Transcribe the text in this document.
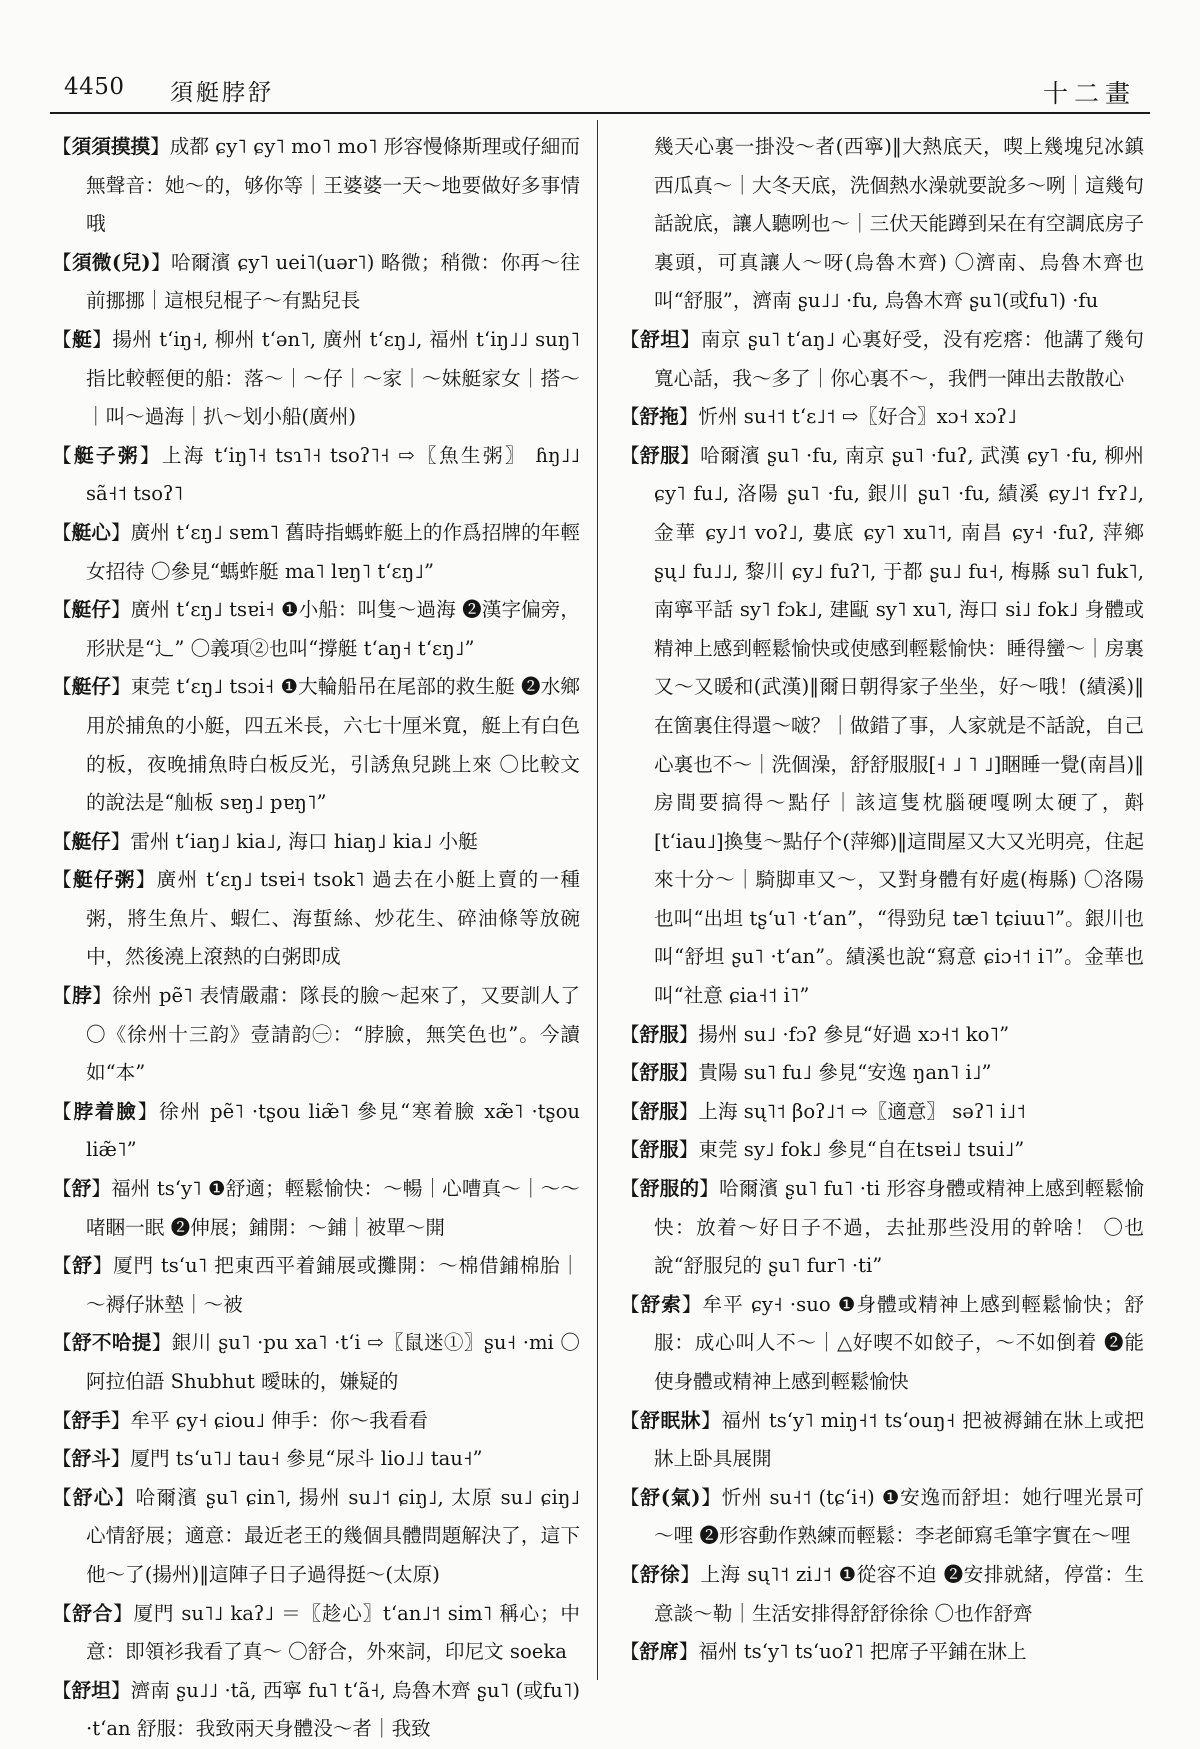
4450 須艇脖舒	十二畫

【 須須摸摸 】 成都 ɕy˥ ɕy˥ mo˥ mo˥ 形容慢條斯理或仔細而無聲音：她～的，够你等｜王婆婆一天～地要做好多事情哦

【 須微(兒) 】 哈爾濱 ɕy˥ uei˥(uər˥) 略微；稍微：你再～往前挪挪｜這根兒棍子～有點兒長

【 艇 】 揚州 tʻiŋ˧, 柳州 tʻən˥, 廣州 tʻɛŋ˩, 福州 tʻiŋ˩˩ suŋ˥ 指比較輕便的船：落～｜～仔｜～家｜～妹艇家女｜搭～｜叫～過海｜扒～划小船(廣州)

【 艇子粥 】 上海 tʻiŋ˥˧ tsɿ˥˧ tsoʔ˥˧ ⇨〖魚生粥〗 ɦŋ˩˩ sã˧˦ tsoʔ˥

【 艇心 】 廣州 tʻɛŋ˩ sɐm˥ 舊時指螞蚱艇上的作爲招牌的年輕女招待 〇參見“螞蚱艇 ma˥ lɐŋ˥ tʻɛŋ˩”

【 艇仔 】 廣州 tʻɛŋ˩ tsɐi˧ ❶小船：叫隻～過海 ❷漢字偏旁，形狀是“辶” 〇義項②也叫“撐艇 tʻaŋ˧ tʻɛŋ˩”

【 艇仔 】 東莞 tʻɛŋ˩ tsɔi˧ ❶大輪船吊在尾部的救生艇 ❷水鄉用於捕魚的小艇，四五米長，六七十厘米寬，艇上有白色的板，夜晚捕魚時白板反光，引誘魚兒跳上來 〇比較文的說法是“舢板 sɐŋ˩ pɐŋ˥”

【 艇仔 】 雷州 tʻiaŋ˩ kia˩, 海口 hiaŋ˩ kia˩ 小艇

【 艇仔粥 】 廣州 tʻɛŋ˩ tsɐi˧ tsok˥ 過去在小艇上賣的一種粥，將生魚片、蝦仁、海蜇絲、炒花生、碎油條等放碗中，然後澆上滾熱的白粥即成

【 脖 】 徐州 pẽ˥ 表情嚴肅：隊長的臉～起來了，又要訓人了 〇《徐州十三韵》壹請韵㊀：“脖臉，無笑色也”。今讀如“本”

【 脖着臉 】 徐州 pẽ˥ ·tʂou liæ̃˥ 參見“寒着臉 xæ̃˥ ·tʂou liæ̃˥”

【 舒 】 福州 tsʻy˥ ❶舒適；輕鬆愉快：～暢｜心嘈真～｜～～啫睏一眠 ❷伸展；鋪開：～鋪｜被單～開

【 舒 】 厦門 tsʻu˥ 把東西平着鋪展或攤開：～棉借鋪棉胎｜～褥仔牀墊｜～被

【 舒不哈提 】 銀川 ʂu˥ ·pu xa˥ ·tʻi ⇨〖鼠迷①〗ʂu˧ ·mi 〇阿拉伯語 Shubhut 曖昧的，嫌疑的

【 舒手 】 牟平 ɕy˧ ɕiou˩ 伸手：你～我看看

【 舒斗 】 厦門 tsʻu˥˩ tau˧ 參見“尿斗 lio˩˩ tau˧”

【 舒心 】 哈爾濱 ʂu˥ ɕin˥, 揚州 su˩˦ ɕiŋ˩, 太原 su˩ ɕiŋ˩ 心情舒展；適意：最近老王的幾個具體問題解決了，這下他～了(揚州)‖這陣子日子過得挺～(太原)

【 舒合 】 厦門 su˥˩ kaʔ˩ ＝〖趁心〗tʻan˩˦ sim˥ 稱心；中意：即領衫我看了真～ 〇舒合，外來詞，印尼文 soeka

【 舒坦 】 濟南 ʂu˩˩ ·tã, 西寧 fu˥ tʻã˧, 烏魯木齊 ʂu˥ (或fu˥) ·tʻan 舒服：我致兩天身體没～者｜我致

幾天心裏一掛没～者(西寧)‖大熱底天，喫上幾塊兒冰鎮西瓜真～｜大冬天底，洗個熱水澡就要說多～咧｜這幾句話說底，讓人聽咧也～｜三伏天能蹲到呆在有空調底房子裏頭，可真讓人～呀(烏魯木齊) 〇濟南、烏魯木齊也叫“舒服”，濟南 ʂu˩˩ ·fu, 烏魯木齊 ʂu˥(或fu˥) ·fu

【 舒坦 】 南京 ʂu˥ tʻaŋ˩ 心裏好受，没有疙瘩：他講了幾句寬心話，我～多了｜你心裏不～，我們一陣出去散散心

【 舒拖 】 忻州 su˧˦ tʻɛ˩˦ ⇨〖好合〗xɔ˧ xɔʔ˩

【 舒服 】 哈爾濱 ʂu˥ ·fu, 南京 ʂu˥ ·fuʔ, 武漢 ɕy˥ ·fu, 柳州 ɕy˥ fu˩, 洛陽 ʂu˥ ·fu, 銀川 ʂu˥ ·fu, 績溪 ɕy˩˦ fʏʔ˩, 金華 ɕy˩˦ voʔ˩, 婁底 ɕy˥ xu˥˦, 南昌 ɕy˧ ·fuʔ, 萍鄉 ʂų˩ fu˩˩, 黎川 ɕy˩ fuʔ˥, 于都 ʂu˩ fu˧, 梅縣 su˥ fuk˥, 南寧平話 sy˥ fɔk˩, 建甌 sy˥ xu˥, 海口 si˩ fok˩ 身體或精神上感到輕鬆愉快或使感到輕鬆愉快：睡得蠻～｜房裏又～又暖和(武漢)‖爾日朝得家子坐坐，好～哦！(績溪)‖在箇裏住得還～啵？｜做錯了事，人家就是不話說，自己心裏也不～｜洗個澡，舒舒服服[˧ ˩ ˥ ˩]睏睡一覺(南昌)‖房間要搞得～點仔｜該這隻枕腦硬嘎咧太硬了，斢[tʻiau˩]換隻～點仔个(萍鄉)‖這間屋又大又光明亮，住起來十分～｜騎脚車又～，又對身體有好處(梅縣) 〇洛陽也叫“出坦 tʂʻu˥ ·tʻan”，“得勁兒 tæ˥ tɕiuu˥”。銀川也叫“舒坦 ʂu˥ ·tʻan”。績溪也說“寫意 ɕiɔ˧˦ i˥”。金華也叫“社意 ɕia˧˦ i˥”

【 舒服 】 揚州 su˩ ·fɔʔ 參見“好過 xɔ˧˦ ko˥”

【 舒服 】 貴陽 su˥ fu˩ 參見“安逸 ŋan˥ i˩”

【 舒服 】 上海 sų˥˦ βoʔ˩˦ ⇨〖適意〗 səʔ˥ i˩˦

【 舒服 】 東莞 sy˩ fok˩ 參見“自在tsɐi˩ tsui˩”

【 舒服的 】 哈爾濱 ʂu˥ fu˥ ·ti 形容身體或精神上感到輕鬆愉快：放着～好日子不過，去扯那些没用的幹啥！ 〇也說“舒服兒的 ʂu˥ fur˥ ·ti”

【 舒索 】 牟平 ɕy˧ ·suo ❶身體或精神上感到輕鬆愉快；舒服：成心叫人不～｜△好喫不如餃子，～不如倒着 ❷能使身體或精神上感到輕鬆愉快

【 舒眠牀 】 福州 tsʻy˥ miŋ˧˦ tsʻouŋ˧ 把被褥鋪在牀上或把牀上卧具展開

【 舒(氣) 】 忻州 su˧˦ (tɕʻi˧) ❶安逸而舒坦：她行哩光景可～哩 ❷形容動作熟練而輕鬆：李老師寫毛筆字實在～哩

【 舒徐 】 上海 sų˥˦ zi˩˦ ❶從容不迫 ❷安排就緒，停當：生意談～勒｜生活安排得舒舒徐徐 〇也作舒齊

【 舒席 】 福州 tsʻy˥ tsʻuoʔ˥ 把席子平鋪在牀上
